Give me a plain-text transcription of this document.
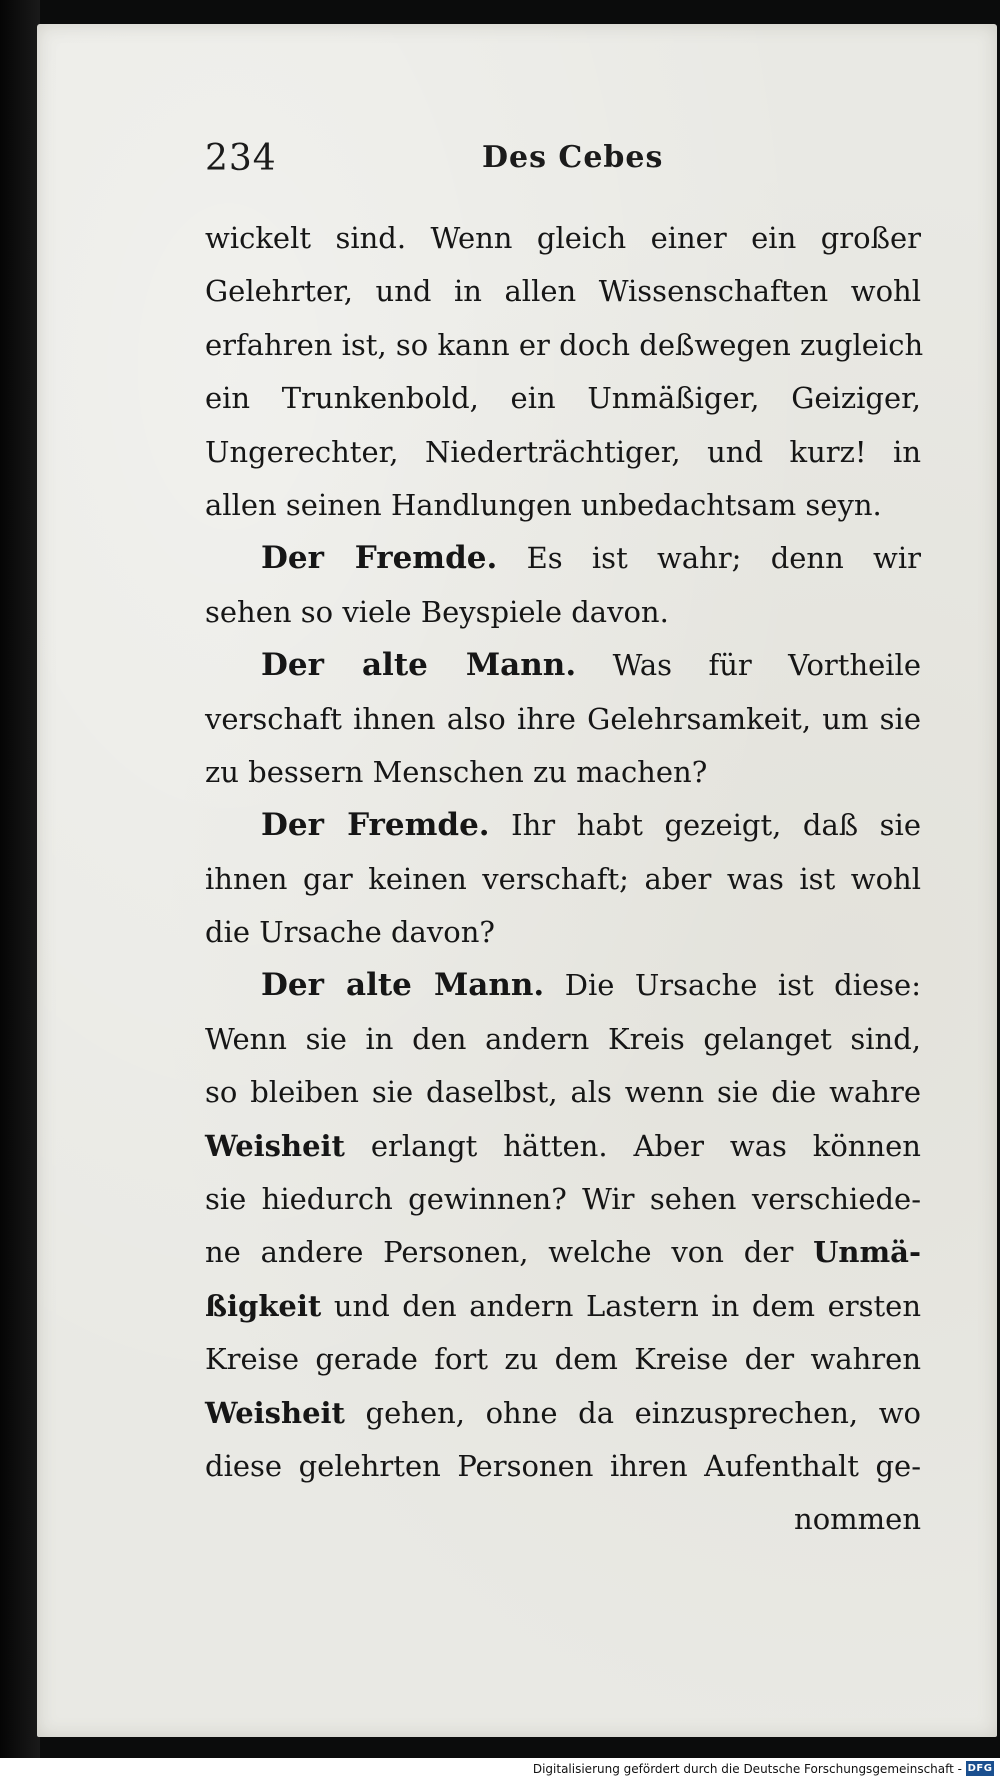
234	Des Cebes
wickelt sind. Wenn gleich einer ein großer
Gelehrter, und in allen Wissenschaften wohl
erfahren ist, so kann er doch deßwegen zugleich
ein Trunkenbold, ein Unmäßiger, Geiziger,
Ungerechter, Niederträchtiger, und kurz! in
allen seinen Handlungen unbedachtsam seyn.
Der Fremde. Es ist wahr; denn wir
sehen so viele Beyspiele davon.
Der alte Mann. Was für Vortheile
verschaft ihnen also ihre Gelehrsamkeit, um sie
zu bessern Menschen zu machen?
Der Fremde. Ihr habt gezeigt, daß sie
ihnen gar keinen verschaft; aber was ist wohl
die Ursache davon?
Der alte Mann. Die Ursache ist diese:
Wenn sie in den andern Kreis gelanget sind,
so bleiben sie daselbst, als wenn sie die wahre
Weisheit erlangt hätten. Aber was können
sie hiedurch gewinnen? Wir sehen verschiede-
ne andere Personen, welche von der Unmä-
ßigkeit und den andern Lastern in dem ersten
Kreise gerade fort zu dem Kreise der wahren
Weisheit gehen, ohne da einzusprechen, wo
diese gelehrten Personen ihren Aufenthalt ge-
nommen
Digitalisierung gefördert durch die Deutsche Forschungsgemeinschaft - DFG
